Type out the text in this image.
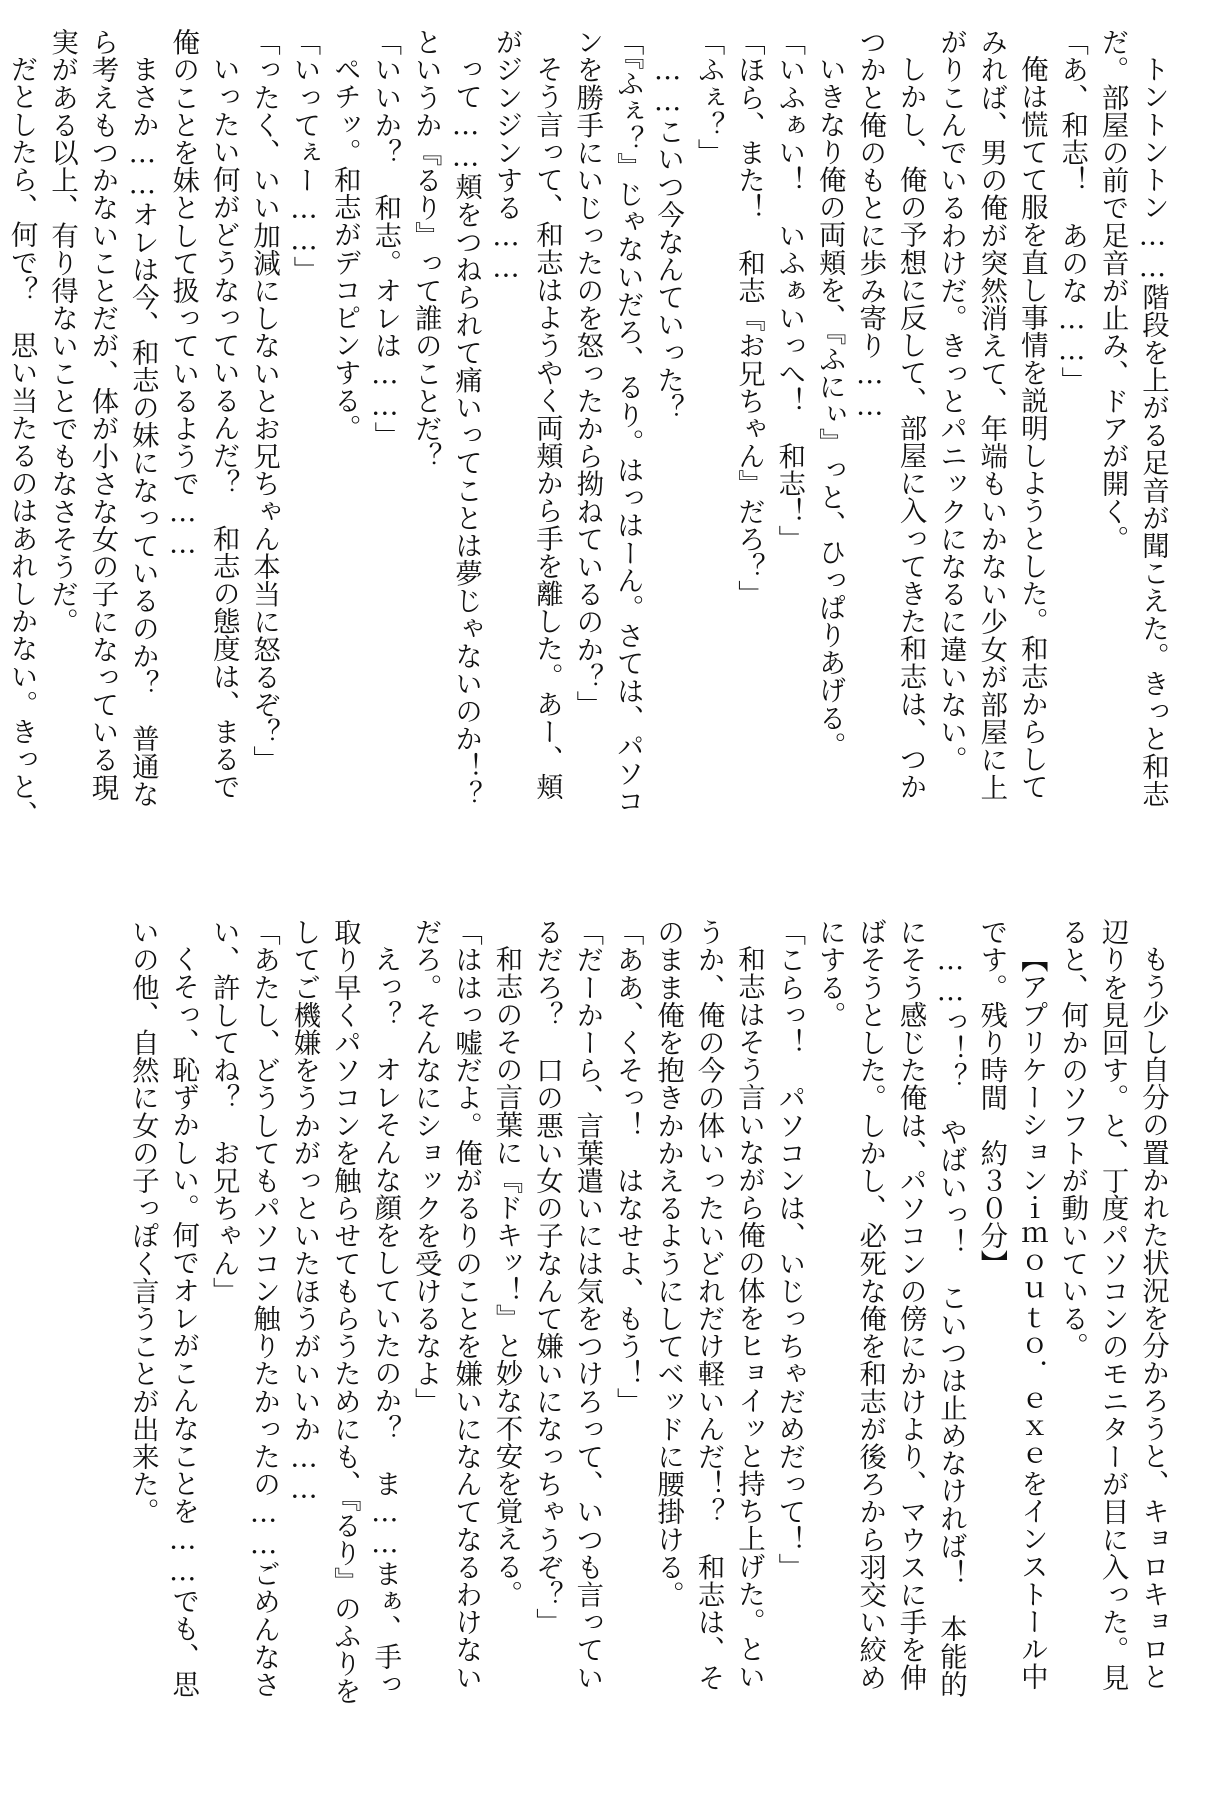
トントントン……階段を上がる足音が聞こえた。きっと和志
だ。部屋の前で足音が止み、ドアが開く。
「あ、和志！　あのな……」
俺は慌てて服を直し事情を説明しようとした。和志からして
みれば、男の俺が突然消えて、年端もいかない少女が部屋に上
がりこんでいるわけだ。きっとパニックになるに違いない。
しかし、俺の予想に反して、部屋に入ってきた和志は、つか
つかと俺のもとに歩み寄り……
いきなり俺の両頬を、『ふにぃ』っと、ひっぱりあげる。
「いふぁい！　いふぁいっへ！　和志！」
「ほら、また！　和志『お兄ちゃん』だろ？」
「ふぇ？」
……こいつ今なんていった？
「『ふぇ？』じゃないだろ、るり。はっはーん。さては、パソコ
ンを勝手にいじったのを怒ったから拗ねているのか？」
そう言って、和志はようやく両頬から手を離した。あー、頬
がジンジンする……
って……頬をつねられて痛いってことは夢じゃないのか！？
というか『るり』って誰のことだ？
「いいか？　和志。オレは……」
ペチッ。和志がデコピンする。
「いってぇー……」
「ったく、いい加減にしないとお兄ちゃん本当に怒るぞ？」
いったい何がどうなっているんだ？　和志の態度は、まるで
俺のことを妹として扱っているようで……
まさか……オレは今、和志の妹になっているのか？　普通な
ら考えもつかないことだが、体が小さな女の子になっている現
実がある以上、有り得ないことでもなさそうだ。
だとしたら、何で？　思い当たるのはあれしかない。きっと、
もう少し自分の置かれた状況を分かろうと、キョロキョロと
辺りを見回す。と、丁度パソコンのモニターが目に入った。見
ると、何かのソフトが動いている。
【アプリケーションｉｍｏｕｔｏ．ｅｘｅをインストール中
です。残り時間　約３０分】
……っ！？　やばいっ！　こいつは止めなければ！　本能的
にそう感じた俺は、パソコンの傍にかけより、マウスに手を伸
ばそうとした。しかし、必死な俺を和志が後ろから羽交い絞め
にする。
「こらっ！　パソコンは、いじっちゃだめだって！」
和志はそう言いながら俺の体をヒョイッと持ち上げた。とい
うか、俺の今の体いったいどれだけ軽いんだ！？　和志は、そ
のまま俺を抱きかかえるようにしてベッドに腰掛ける。
「ああ、くそっ！　はなせよ、もう！」
「だーかーら、言葉遣いには気をつけろって、いつも言ってい
るだろ？　口の悪い女の子なんて嫌いになっちゃうぞ？」
和志のその言葉に『ドキッ！』と妙な不安を覚える。
「ははっ嘘だよ。俺がるりのことを嫌いになんてなるわけない
だろ。そんなにショックを受けるなよ」
えっ？　オレそんな顔をしていたのか？　ま……まぁ、手っ
取り早くパソコンを触らせてもらうためにも、『るり』のふりを
してご機嫌をうかがっといたほうがいいか……
「あたし、どうしてもパソコン触りたかったの……ごめんなさ
い、許してね？　お兄ちゃん」
くそっ、恥ずかしい。何でオレがこんなことを……でも、思
いの他、自然に女の子っぽく言うことが出来た。
